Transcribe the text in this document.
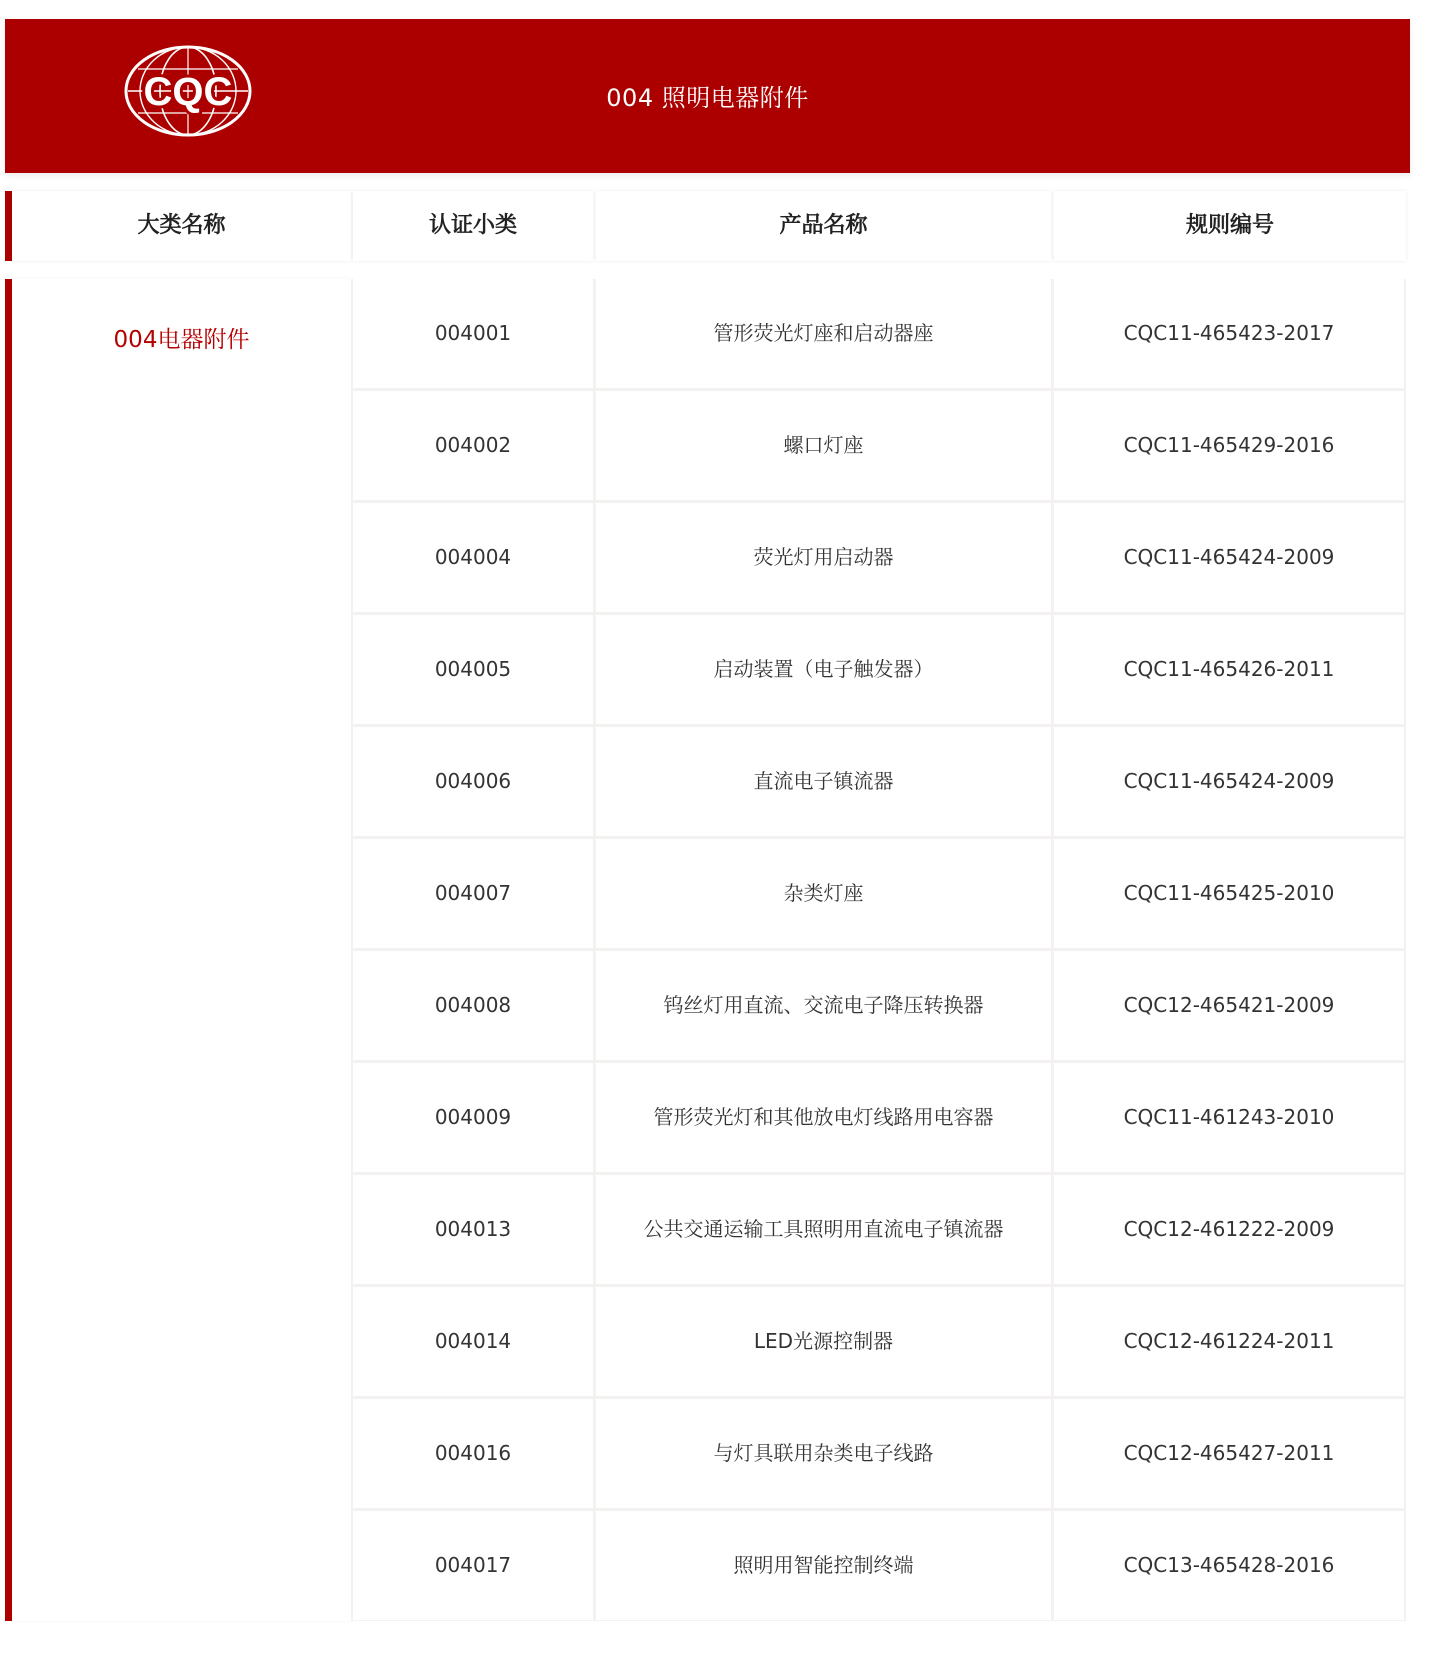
CQC	004 照明电器附件
大类名称	认证小类	产品名称	规则编号
004电器附件	004001	管形荧光灯座和启动器座	CQC11-465423-2017
004002	螺口灯座	CQC11-465429-2016
004004	荧光灯用启动器	CQC11-465424-2009
004005	启动装置（电子触发器）	CQC11-465426-2011
004006	直流电子镇流器	CQC11-465424-2009
004007	杂类灯座	CQC11-465425-2010
004008	钨丝灯用直流、交流电子降压转换器	CQC12-465421-2009
004009	管形荧光灯和其他放电灯线路用电容器	CQC11-461243-2010
004013	公共交通运输工具照明用直流电子镇流器	CQC12-461222-2009
004014	LED光源控制器	CQC12-461224-2011
004016	与灯具联用杂类电子线路	CQC12-465427-2011
004017	照明用智能控制终端	CQC13-465428-2016
